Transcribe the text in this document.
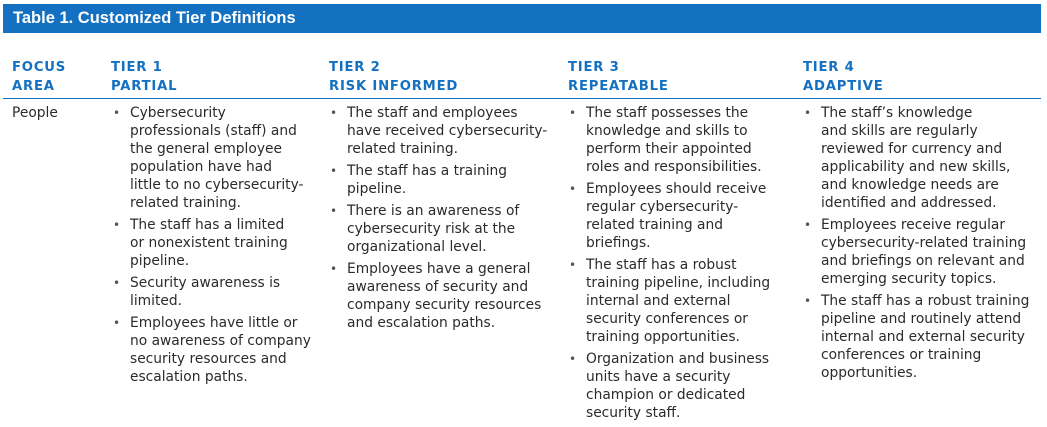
Table 1. Customized Tier Definitions
FOCUS
AREA
TIER 1
PARTIAL
TIER 2
RISK INFORMED
TIER 3
REPEATABLE
TIER 4
ADAPTIVE
People	• Cybersecurity
professionals (staff) and
the general employee
population have had
little to no cybersecurity-
related training.
• The staff has a limited
or nonexistent training
pipeline.
• Security awareness is
limited.
• Employees have little or
no awareness of company
security resources and
escalation paths.
• The staff and employees
have received cybersecurity-
related training.
• The staff has a training
pipeline.
• There is an awareness of
cybersecurity risk at the
organizational level.
• Employees have a general
awareness of security and
company security resources
and escalation paths.
• The staff possesses the
knowledge and skills to
perform their appointed
roles and responsibilities.
• Employees should receive
regular cybersecurity-
related training and
briefings.
• The staff has a robust
training pipeline, including
internal and external
security conferences or
training opportunities.
• Organization and business
units have a security
champion or dedicated
security staff.
• The staff’s knowledge
and skills are regularly
reviewed for currency and
applicability and new skills,
and knowledge needs are
identified and addressed.
• Employees receive regular
cybersecurity-related training
and briefings on relevant and
emerging security topics.
• The staff has a robust training
pipeline and routinely attend
internal and external security
conferences or training
opportunities.
